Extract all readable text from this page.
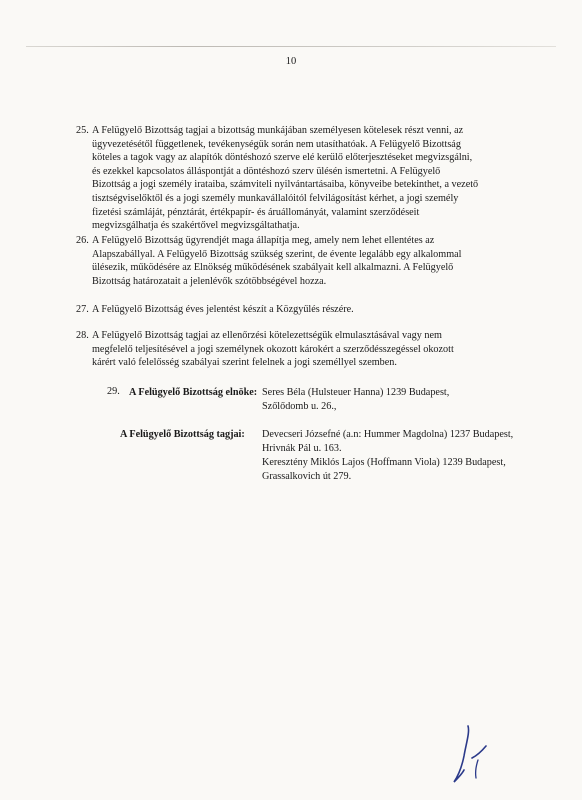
10
25. A Felügyelő Bizottság tagjai a bizottság munkájában személyesen kötelesek részt venni, az
ügyvezetésétől függetlenek, tevékenységük során nem utasíthatóak. A Felügyelő Bizottság
köteles a tagok vagy az alapítók döntéshozó szerve elé kerülő előterjesztéseket megvizsgálni,
és ezekkel kapcsolatos álláspontját a döntéshozó szerv ülésén ismertetni. A Felügyelő
Bizottság a jogi személy irataiba, számviteli nyilvántartásaiba, könyveibe betekinthet, a vezető
tisztségviselőktől és a jogi személy munkavállalóitól felvilágosítást kérhet, a jogi személy
fizetési számláját, pénztárát, értékpapír- és áruállományát, valamint szerződéseit
megvizsgálhatja és szakértővel megvizsgáltathatja.
26. A Felügyelő Bizottság ügyrendjét maga állapítja meg, amely nem lehet ellentétes az
Alapszabállyal. A Felügyelő Bizottság szükség szerint, de évente legalább egy alkalommal
ülésezik, működésére az Elnökség működésének szabályait kell alkalmazni. A Felügyelő
Bizottság határozatait a jelenlévők szótöbbségével hozza.
27. A Felügyelő Bizottság éves jelentést készít a Közgyűlés részére.
28. A Felügyelő Bizottság tagjai az ellenőrzési kötelezettségük elmulasztásával vagy nem
megfelelő teljesítésével a jogi személynek okozott károkért a szerződésszegéssel okozott
kárért való felelősség szabályai szerint felelnek a jogi személlyel szemben.
29. A Felügyelő Bizottság elnöke: Seres Béla (Hulsteuer Hanna) 1239 Budapest,
Szőlődomb u. 26.,
A Felügyelő Bizottság tagjai: Devecseri Józsefné (a.n: Hummer Magdolna) 1237 Budapest,
Hrivnák Pál u. 163.
Keresztény Miklós Lajos (Hoffmann Viola) 1239 Budapest,
Grassalkovich út 279.
